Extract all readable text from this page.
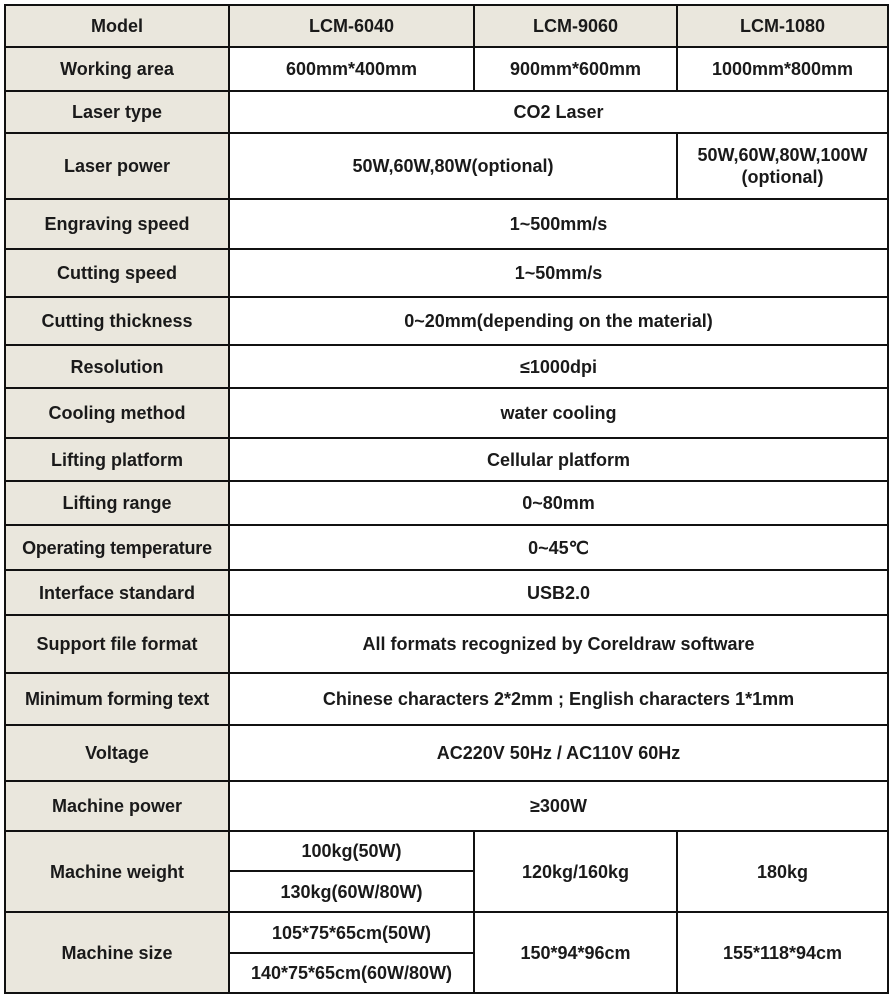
Model	LCM-6040	LCM-9060	LCM-1080
Working area	600mm*400mm	900mm*600mm	1000mm*800mm
Laser type	CO2 Laser		
Laser power	50W,60W,80W(optional)		50W,60W,80W,100W (optional)
Engraving speed	1~500mm/s		
Cutting speed	1~50mm/s		
Cutting thickness	0~20mm(depending on the material)		
Resolution	≤1000dpi		
Cooling method	water cooling		
Lifting platform	Cellular platform		
Lifting range	0~80mm		
Operating temperature	0~45℃		
Interface standard	USB2.0		
Support file format	All formats recognized by Coreldraw software		
Minimum forming text	Chinese characters 2*2mm ; English characters 1*1mm		
Voltage	AC220V 50Hz / AC110V 60Hz		
Machine power	≥300W		
Machine weight	100kg(50W)	120kg/160kg	180kg
	130kg(60W/80W)		
Machine size	105*75*65cm(50W)	150*94*96cm	155*118*94cm
	140*75*65cm(60W/80W)		
